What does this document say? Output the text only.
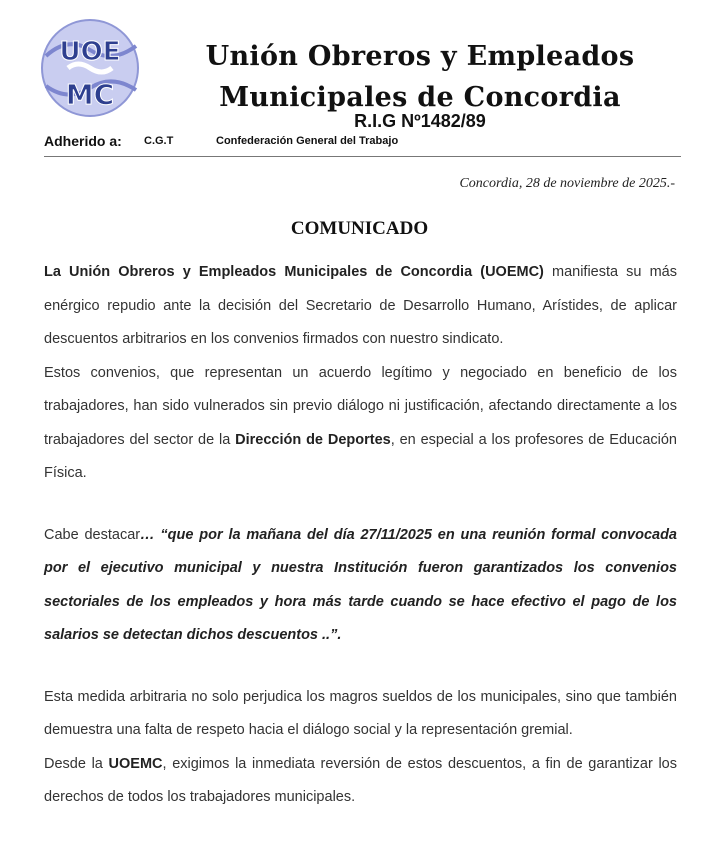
UOE
MC
Unión Obreros y Empleados
Municipales de Concordia
R.I.G Nº1482/89
Adherido a: C.G.T	Confederación General del Trabajo
Concordia, 28 de noviembre de 2025.-
COMUNICADO

La Unión Obreros y Empleados Municipales de Concordia (UOEMC) manifiesta su más enérgico repudio ante la decisión del Secretario de Desarrollo Humano, Arístides, de aplicar descuentos arbitrarios en los convenios firmados con nuestro sindicato.

Estos convenios, que representan un acuerdo legítimo y negociado en beneficio de los trabajadores, han sido vulnerados sin previo diálogo ni justificación, afectando directamente a los trabajadores del sector de la Dirección de Deportes, en especial a los profesores de Educación Física.

Cabe destacar… “que por la mañana del día 27/11/2025 en una reunión formal convocada por el ejecutivo municipal y nuestra Institución fueron garantizados los convenios sectoriales de los empleados y hora más tarde cuando se hace efectivo el pago de los salarios se detectan dichos descuentos ..”.

Esta medida arbitraria no solo perjudica los magros sueldos de los municipales, sino que también demuestra una falta de respeto hacia el diálogo social y la representación gremial.

Desde la UOEMC, exigimos la inmediata reversión de estos descuentos, a fin de garantizar los derechos de todos los trabajadores municipales.
